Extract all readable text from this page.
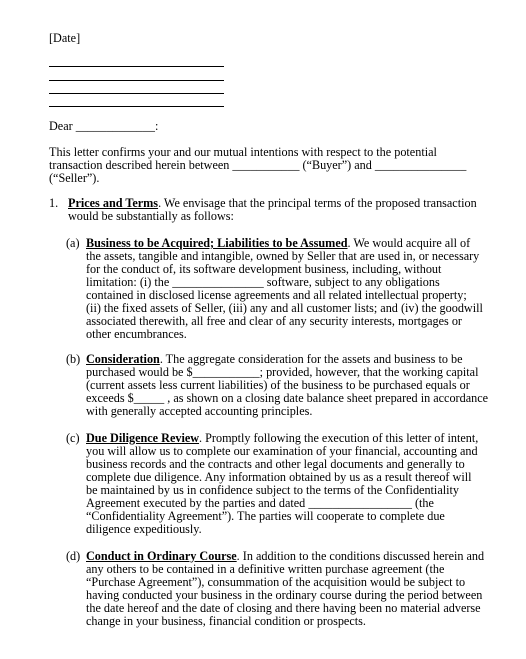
[Date]
Dear _____________:
This letter confirms your and our mutual intentions with respect to the potential
transaction described herein between ___________ (“Buyer”) and _______________
(“Seller”).
1. Prices and Terms. We envisage that the principal terms of the proposed transaction
would be substantially as follows:
(a) Business to be Acquired; Liabilities to be Assumed. We would acquire all of
the assets, tangible and intangible, owned by Seller that are used in, or necessary
for the conduct of, its software development business, including, without
limitation: (i) the _______________ software, subject to any obligations
contained in disclosed license agreements and all related intellectual property;
(ii) the fixed assets of Seller, (iii) any and all customer lists; and (iv) the goodwill
associated therewith, all free and clear of any security interests, mortgages or
other encumbrances.
(b) Consideration. The aggregate consideration for the assets and business to be
purchased would be $___________; provided, however, that the working capital
(current assets less current liabilities) of the business to be purchased equals or
exceeds $_____ , as shown on a closing date balance sheet prepared in accordance
with generally accepted accounting principles.
(c) Due Diligence Review. Promptly following the execution of this letter of intent,
you will allow us to complete our examination of your financial, accounting and
business records and the contracts and other legal documents and generally to
complete due diligence. Any information obtained by us as a result thereof will
be maintained by us in confidence subject to the terms of the Confidentiality
Agreement executed by the parties and dated _________________ (the
“Confidentiality Agreement”). The parties will cooperate to complete due
diligence expeditiously.
(d) Conduct in Ordinary Course. In addition to the conditions discussed herein and
any others to be contained in a definitive written purchase agreement (the
“Purchase Agreement”), consummation of the acquisition would be subject to
having conducted your business in the ordinary course during the period between
the date hereof and the date of closing and there having been no material adverse
change in your business, financial condition or prospects.
